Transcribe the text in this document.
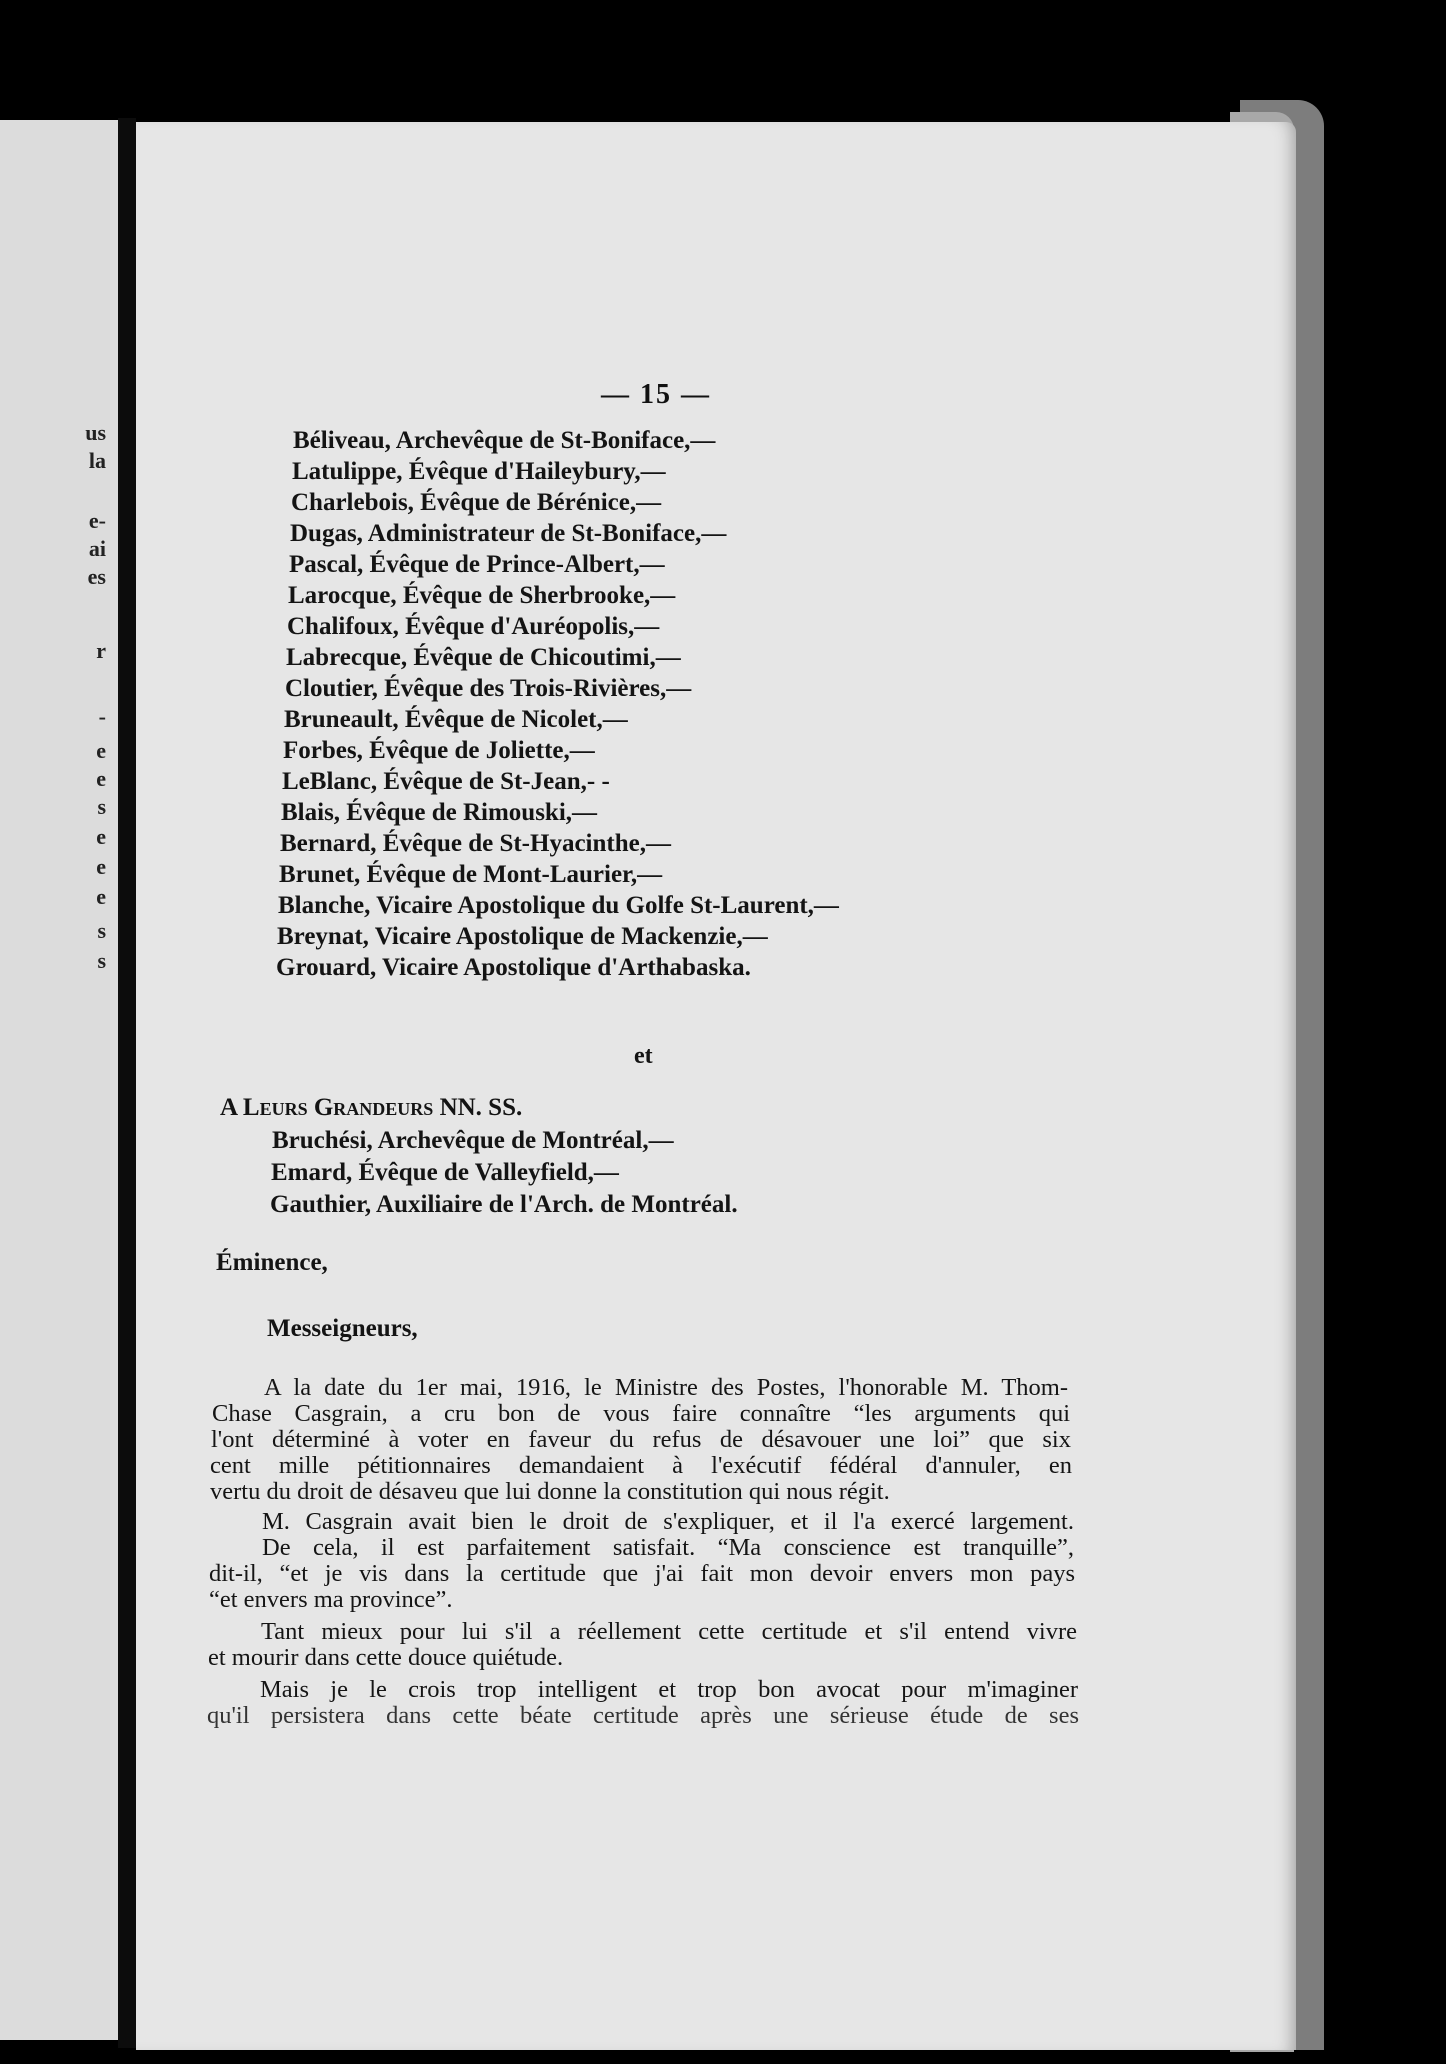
us
la
e-
ai
es
r
-
e
e
s
e
e
e
s
s
— 15 —
Béliveau, Archevêque de St-Boniface,—
Latulippe, Évêque d'Haileybury,—
Charlebois, Évêque de Bérénice,—
Dugas, Administrateur de St-Boniface,—
Pascal, Évêque de Prince-Albert,—
Larocque, Évêque de Sherbrooke,—
Chalifoux, Évêque d'Auréopolis,—
Labrecque, Évêque de Chicoutimi,—
Cloutier, Évêque des Trois-Rivières,—
Bruneault, Évêque de Nicolet,—
Forbes, Évêque de Joliette,—
LeBlanc, Évêque de St-Jean,- -
Blais, Évêque de Rimouski,—
Bernard, Évêque de St-Hyacinthe,—
Brunet, Évêque de Mont-Laurier,—
Blanche, Vicaire Apostolique du Golfe St-Laurent,—
Breynat, Vicaire Apostolique de Mackenzie,—
Grouard, Vicaire Apostolique d'Arthabaska.
et
A Leurs Grandeurs NN. SS.
Bruchési, Archevêque de Montréal,—
Emard, Évêque de Valleyfield,—
Gauthier, Auxiliaire de l'Arch. de Montréal.
Éminence,
Messeigneurs,
A la date du 1er mai, 1916, le Ministre des Postes, l'honorable M. Thom-
Chase Casgrain, a cru bon de vous faire connaître “les arguments qui
l'ont déterminé à voter en faveur du refus de désavouer une loi” que six
cent mille pétitionnaires demandaient à l'exécutif fédéral d'annuler, en
vertu du droit de désaveu que lui donne la constitution qui nous régit.
M. Casgrain avait bien le droit de s'expliquer, et il l'a exercé largement.
De cela, il est parfaitement satisfait. “Ma conscience est tranquille”,
dit-il, “et je vis dans la certitude que j'ai fait mon devoir envers mon pays
“et envers ma province”.
Tant mieux pour lui s'il a réellement cette certitude et s'il entend vivre
et mourir dans cette douce quiétude.
Mais je le crois trop intelligent et trop bon avocat pour m'imaginer
qu'il persistera dans cette béate certitude après une sérieuse étude de ses
